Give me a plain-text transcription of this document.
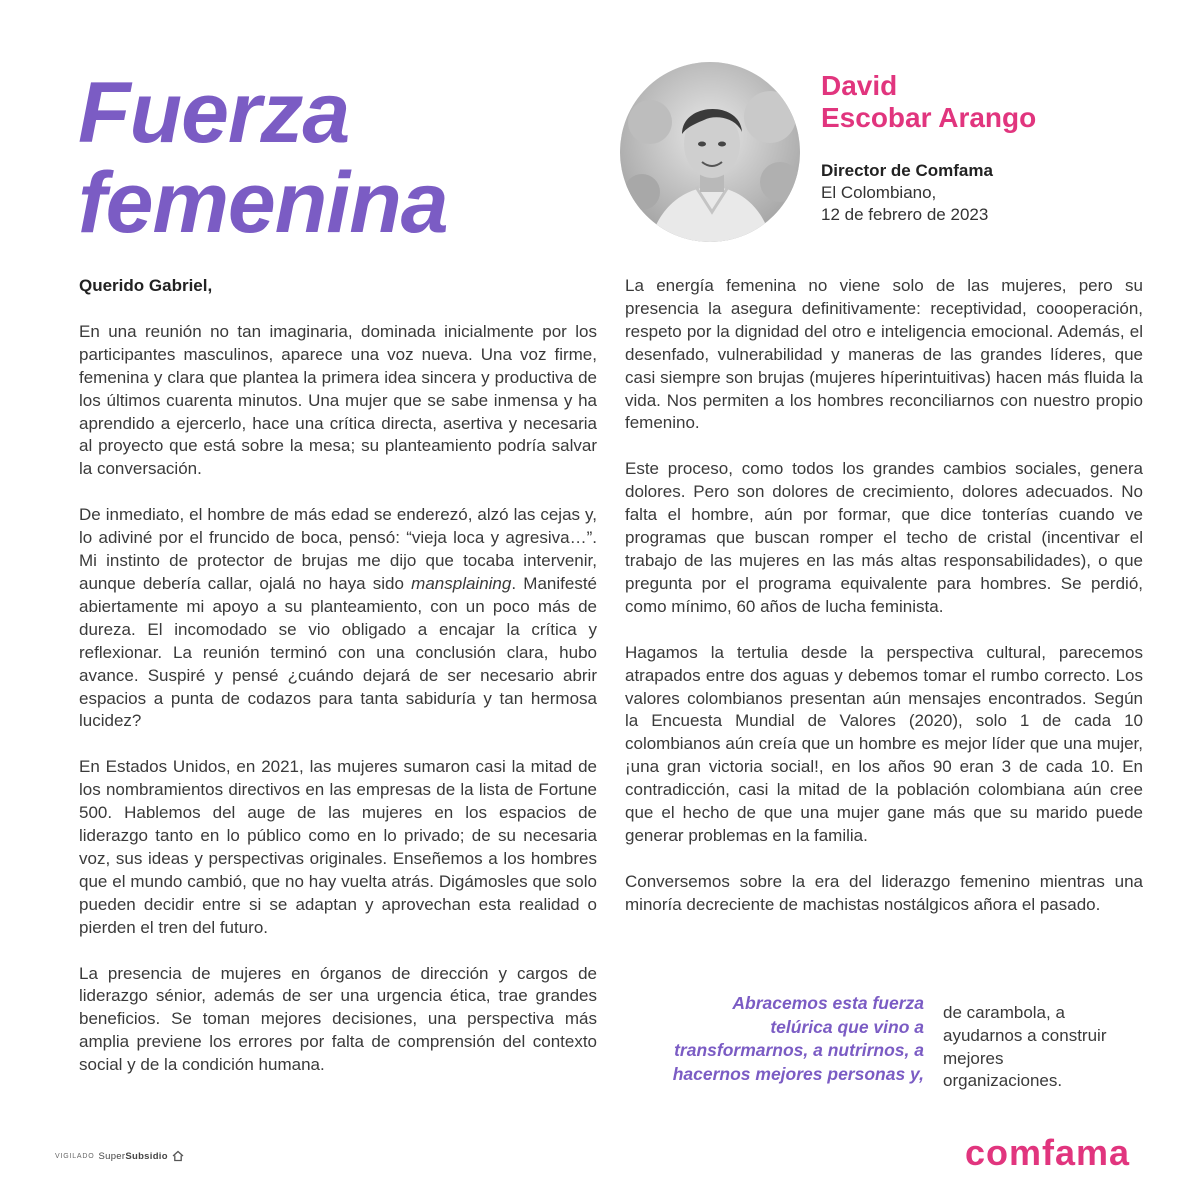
Fuerza
femenina
David
Escobar Arango
Director de Comfama
El Colombiano,
12 de febrero de 2023

Querido Gabriel,

En una reunión no tan imaginaria, dominada inicialmente por los participantes masculinos, aparece una voz nueva. Una voz firme, femenina y clara que plantea la primera idea sincera y productiva de los últimos cuarenta minutos. Una mujer que se sabe inmensa y ha aprendido a ejercerlo, hace una crítica directa, asertiva y necesaria al proyecto que está sobre la mesa; su planteamiento podría salvar la conversación.

De inmediato, el hombre de más edad se enderezó, alzó las cejas y, lo adiviné por el fruncido de boca, pensó: “vieja loca y agresiva…”. Mi instinto de protector de brujas me dijo que tocaba intervenir, aunque debería callar, ojalá no haya sido mansplaining. Manifesté abiertamente mi apoyo a su planteamiento, con un poco más de dureza. El incomodado se vio obligado a encajar la crítica y reflexionar. La reunión terminó con una conclusión clara, hubo avance. Suspiré y pensé ¿cuándo dejará de ser necesario abrir espacios a punta de codazos para tanta sabiduría y tan hermosa lucidez?

En Estados Unidos, en 2021, las mujeres sumaron casi la mitad de los nombramientos directivos en las empresas de la lista de Fortune 500. Hablemos del auge de las mujeres en los espacios de liderazgo tanto en lo público como en lo privado; de su necesaria voz, sus ideas y perspectivas originales. Enseñemos a los hombres que el mundo cambió, que no hay vuelta atrás. Digámosles que solo pueden decidir entre si se adaptan y aprovechan esta realidad o pierden el tren del futuro.

La presencia de mujeres en órganos de dirección y cargos de liderazgo sénior, además de ser una urgencia ética, trae grandes beneficios. Se toman mejores decisiones, una perspectiva más amplia previene los errores por falta de comprensión del contexto social y de la condición humana.

La energía femenina no viene solo de las mujeres, pero su presencia la asegura definitivamente: receptividad, coooperación, respeto por la dignidad del otro e inteligencia emocional. Además, el desenfado, vulnerabilidad y maneras de las grandes líderes, que casi siempre son brujas (mujeres híperintuitivas) hacen más fluida la vida. Nos permiten a los hombres reconciliarnos con nuestro propio femenino.

Este proceso, como todos los grandes cambios sociales, genera dolores. Pero son dolores de crecimiento, dolores adecuados. No falta el hombre, aún por formar, que dice tonterías cuando ve programas que buscan romper el techo de cristal (incentivar el trabajo de las mujeres en las más altas responsabilidades), o que pregunta por el programa equivalente para hombres. Se perdió, como mínimo, 60 años de lucha feminista.

Hagamos la tertulia desde la perspectiva cultural, parecemos atrapados entre dos aguas y debemos tomar el rumbo correcto. Los valores colombianos presentan aún mensajes encontrados. Según la Encuesta Mundial de Valores (2020), solo 1 de cada 10 colombianos aún creía que un hombre es mejor líder que una mujer, ¡una gran victoria social!, en los años 90 eran 3 de cada 10. En contradicción, casi la mitad de la población colombiana aún cree que el hecho de que una mujer gane más que su marido puede generar problemas en la familia.

Conversemos sobre la era del liderazgo femenino mientras una minoría decreciente de machistas nostálgicos añora el pasado.

Abracemos esta fuerza
telúrica que vino a
transformarnos, a nutrirnos, a
hacernos mejores personas y,
de carambola, a
ayudarnos a construir
mejores
organizaciones.
VIGILADO SuperSubsidio	comfama
